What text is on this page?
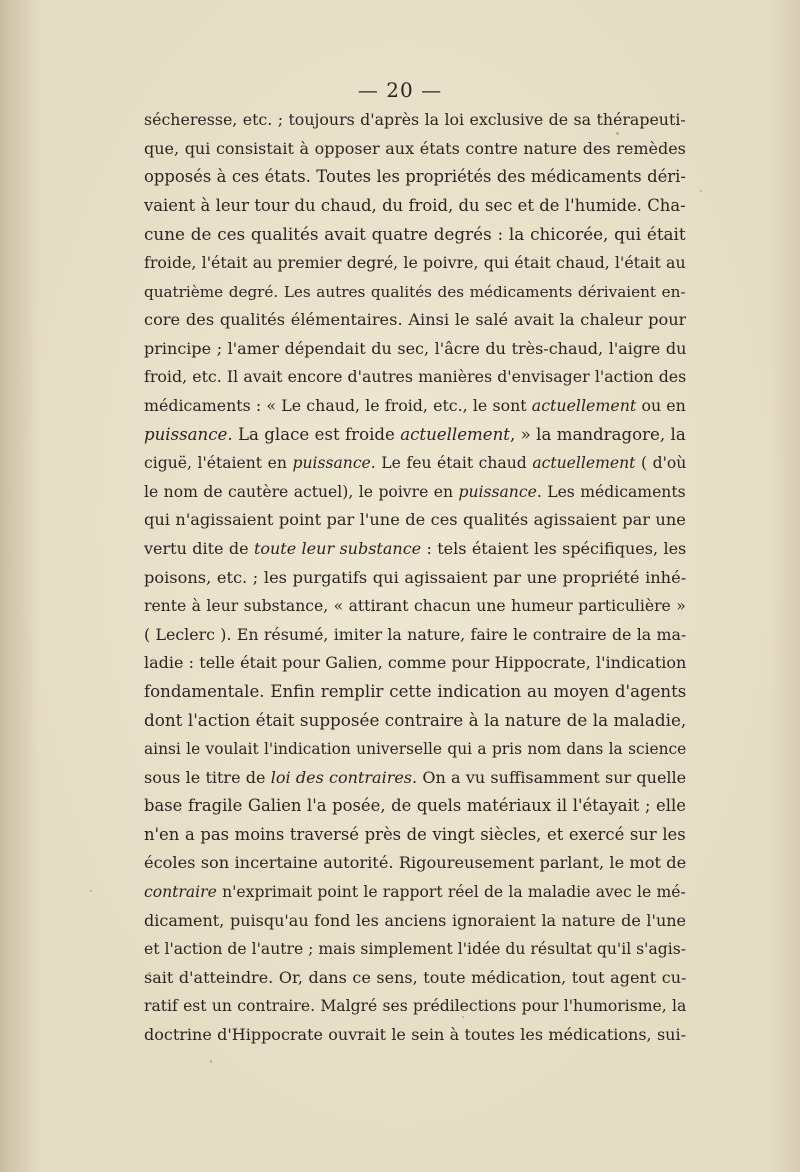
— 20 —
sécheresse, etc. ; toujours d'après la loi exclusive de sa thérapeuti-
que, qui consistait à opposer aux états contre nature des remèdes
opposés à ces états. Toutes les propriétés des médicaments déri-
vaient à leur tour du chaud, du froid, du sec et de l'humide. Cha-
cune de ces qualités avait quatre degrés : la chicorée, qui était
froide, l'était au premier degré, le poivre, qui était chaud, l'était au
quatrième degré. Les autres qualités des médicaments dérivaient en-
core des qualités élémentaires. Ainsi le salé avait la chaleur pour
principe ; l'amer dépendait du sec, l'âcre du très-chaud, l'aigre du
froid, etc. Il avait encore d'autres manières d'envisager l'action des
médicaments : « Le chaud, le froid, etc., le sont actuellement ou en
puissance. La glace est froide actuellement, » la mandragore, la
ciguë, l'étaient en puissance. Le feu était chaud actuellement ( d'où
le nom de cautère actuel), le poivre en puissance. Les médicaments
qui n'agissaient point par l'une de ces qualités agissaient par une
vertu dite de toute leur substance : tels étaient les spécifiques, les
poisons, etc. ; les purgatifs qui agissaient par une propriété inhé-
rente à leur substance, « attirant chacun une humeur particulière »
( Leclerc ). En résumé, imiter la nature, faire le contraire de la ma-
ladie : telle était pour Galien, comme pour Hippocrate, l'indication
fondamentale. Enfin remplir cette indication au moyen d'agents
dont l'action était supposée contraire à la nature de la maladie,
ainsi le voulait l'indication universelle qui a pris nom dans la science
sous le titre de loi des contraires. On a vu suffisamment sur quelle
base fragile Galien l'a posée, de quels matériaux il l'étayait ; elle
n'en a pas moins traversé près de vingt siècles, et exercé sur les
écoles son incertaine autorité. Rigoureusement parlant, le mot de
contraire n'exprimait point le rapport réel de la maladie avec le mé-
dicament, puisqu'au fond les anciens ignoraient la nature de l'une
et l'action de l'autre ; mais simplement l'idée du résultat qu'il s'agis-
sait d'atteindre. Or, dans ce sens, toute médication, tout agent cu-
ratif est un contraire. Malgré ses prédilections pour l'humorisme, la
doctrine d'Hippocrate ouvrait le sein à toutes les médications, sui-
